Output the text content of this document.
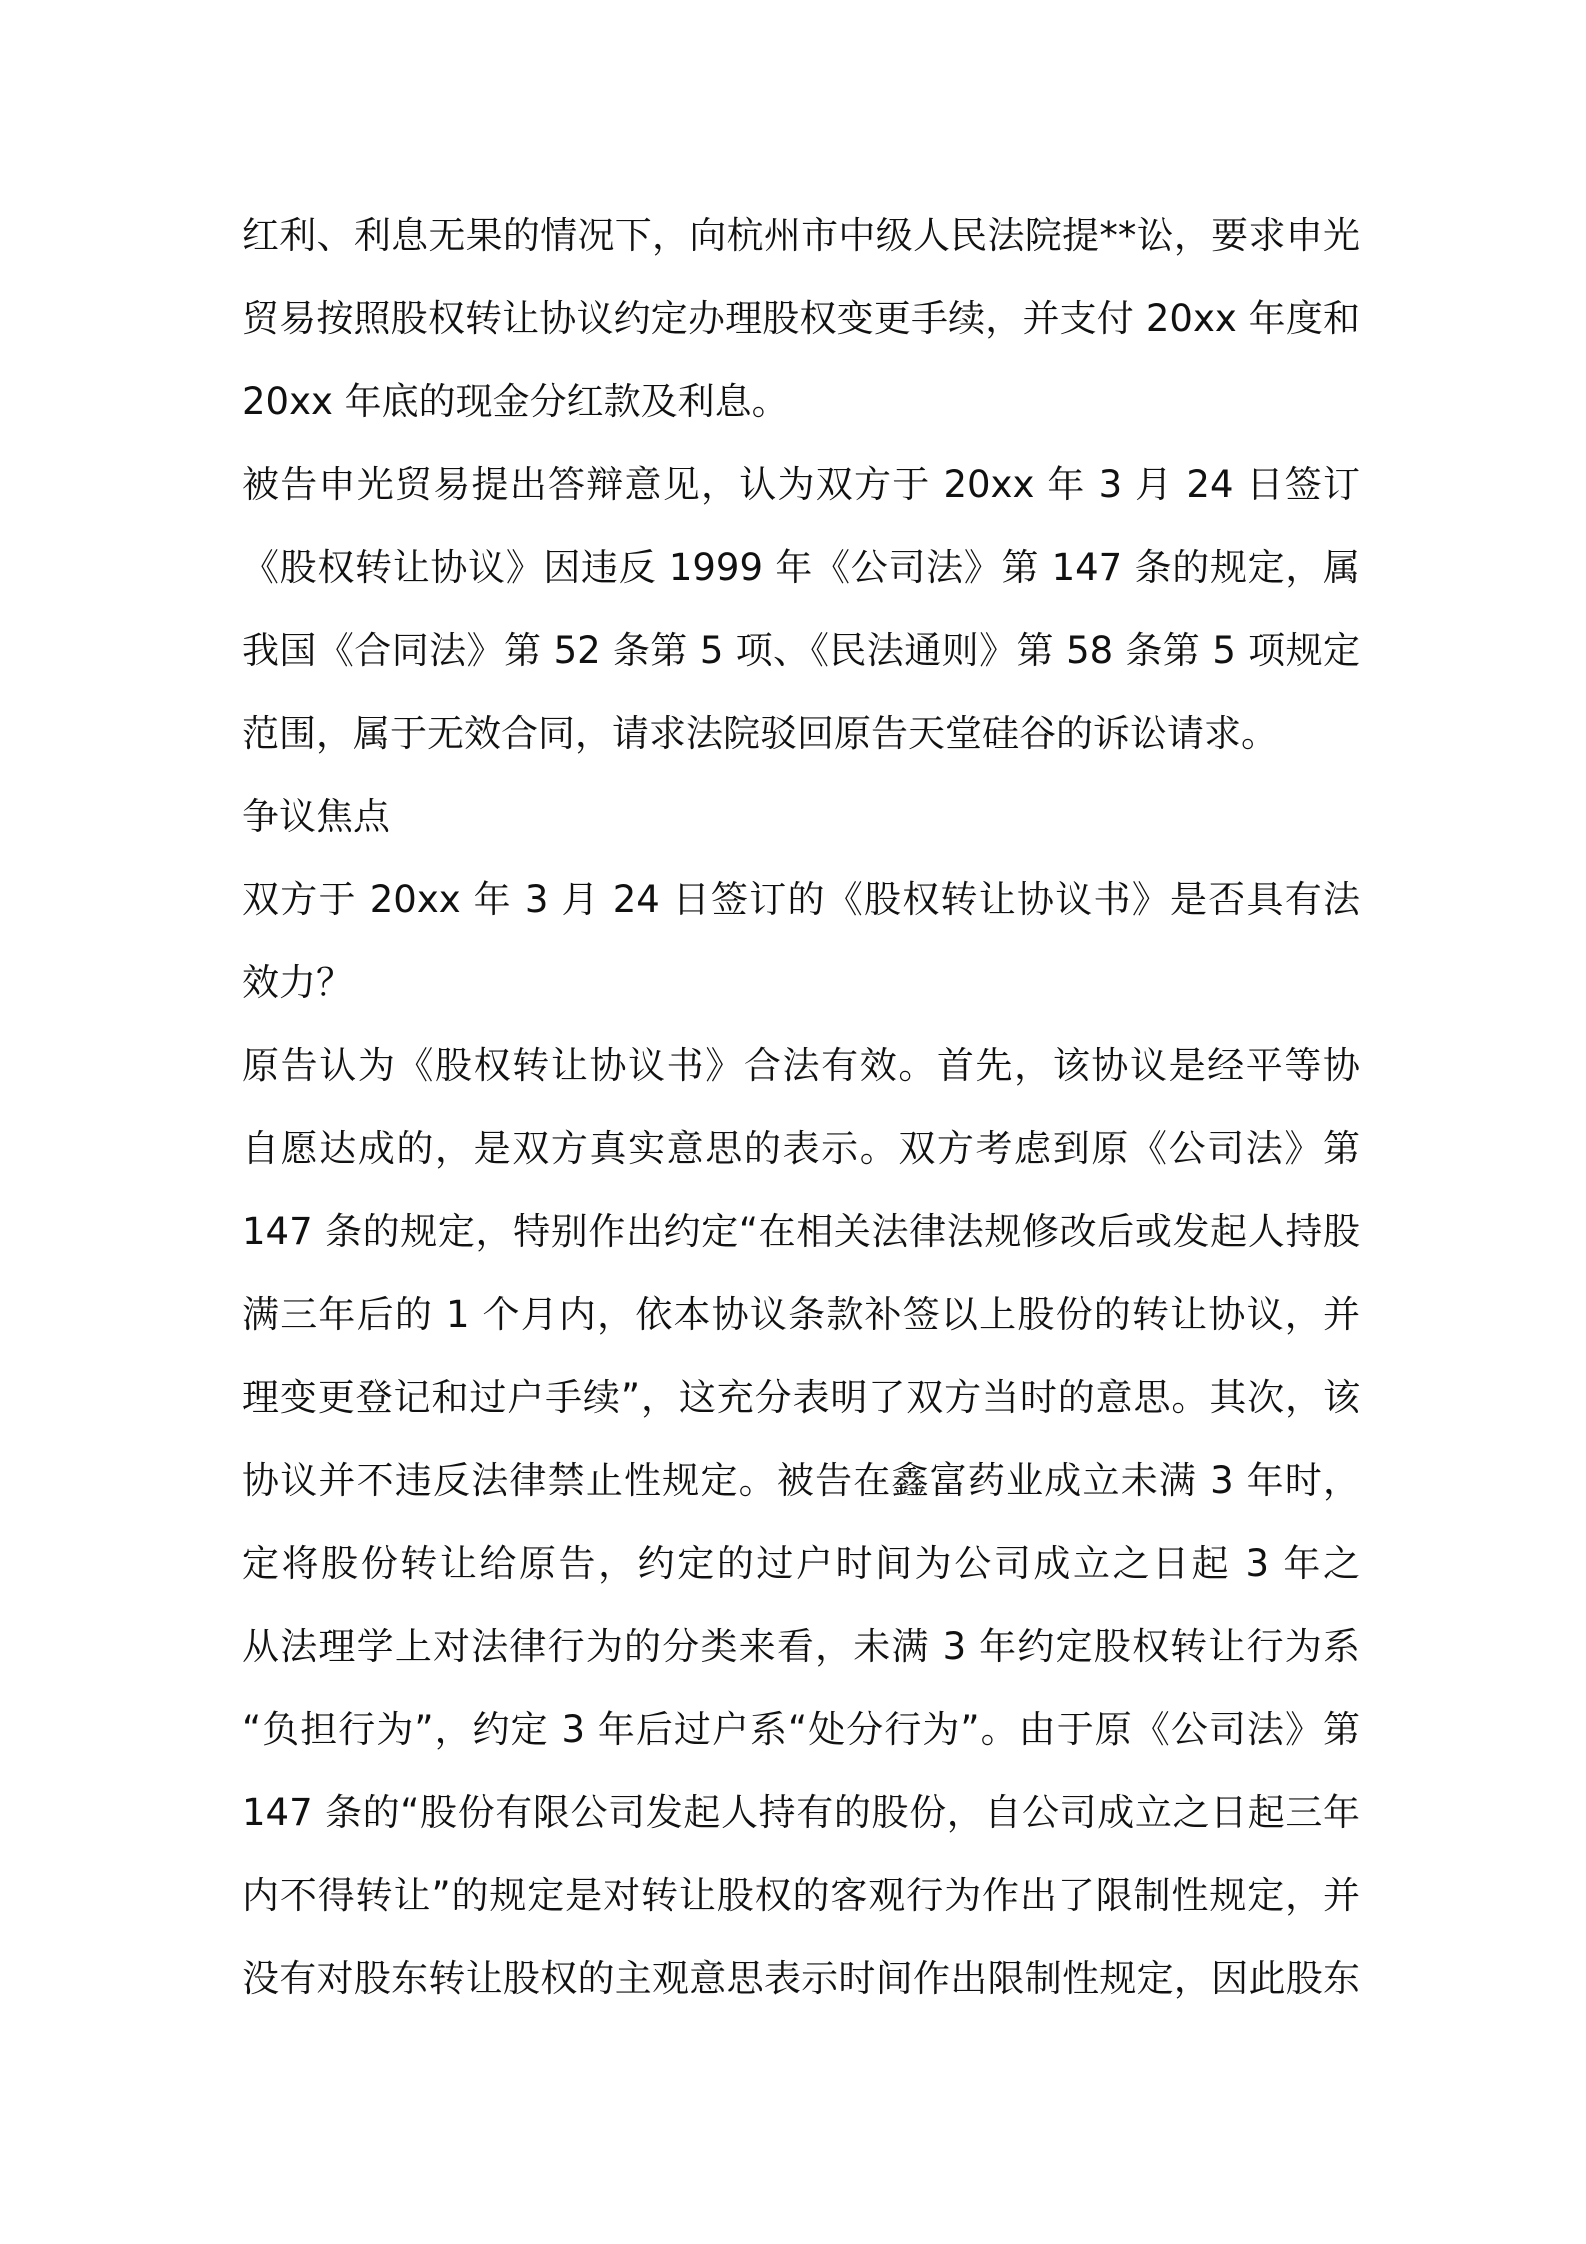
红利、利息无果的情况下，向杭州市中级人民法院提**讼，要求申光
贸易按照股权转让协议约定办理股权变更手续，并支付 20xx 年度和
20xx 年底的现金分红款及利息。
被告申光贸易提出答辩意见，认为双方于 20xx 年 3 月 24 日签订
《股权转让协议》因违反 1999 年《公司法》第 147 条的规定，属
我国《合同法》第 52 条第 5 项、《民法通则》第 58 条第 5 项规定
范围，属于无效合同，请求法院驳回原告天堂硅谷的诉讼请求。
争议焦点
双方于 20xx 年 3 月 24 日签订的《股权转让协议书》是否具有法
效力？
原告认为《股权转让协议书》合法有效。首先，该协议是经平等协
自愿达成的，是双方真实意思的表示。双方考虑到原《公司法》第
147 条的规定，特别作出约定“在相关法律法规修改后或发起人持股
满三年后的 1 个月内，依本协议条款补签以上股份的转让协议，并
理变更登记和过户手续”，这充分表明了双方当时的意思。其次，该
协议并不违反法律禁止性规定。被告在鑫富药业成立未满 3 年时，
定将股份转让给原告，约定的过户时间为公司成立之日起 3 年之
从法理学上对法律行为的分类来看，未满 3 年约定股权转让行为系
“负担行为”，约定 3 年后过户系“处分行为”。由于原《公司法》第
147 条的“股份有限公司发起人持有的股份，自公司成立之日起三年
内不得转让”的规定是对转让股权的客观行为作出了限制性规定，并
没有对股东转让股权的主观意思表示时间作出限制性规定，因此股东
